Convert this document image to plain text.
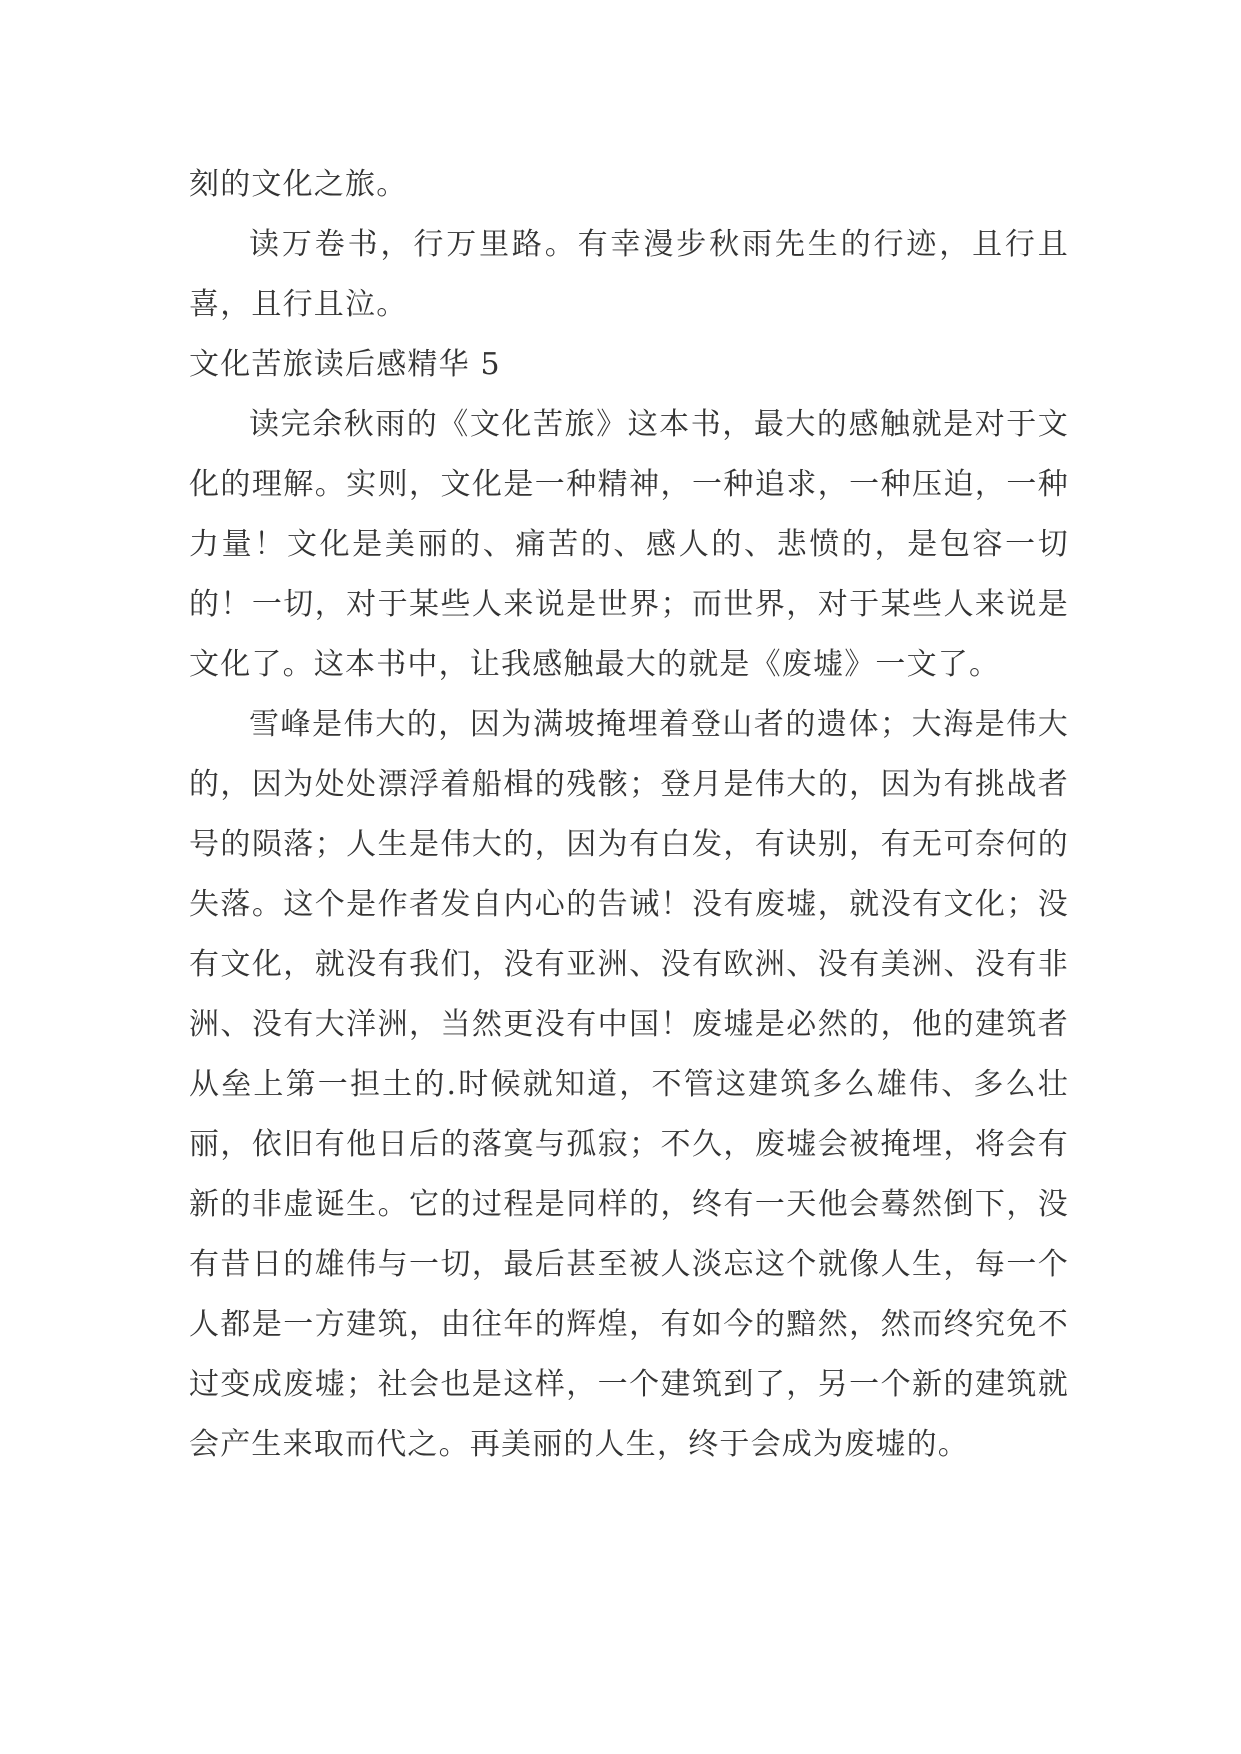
刻的文化之旅。

读万卷书，行万里路。有幸漫步秋雨先生的行迹，且行且喜，且行且泣。

文化苦旅读后感精华 5

读完余秋雨的《文化苦旅》这本书，最大的感触就是对于文化的理解。实则，文化是一种精神，一种追求，一种压迫，一种力量！文化是美丽的、痛苦的、感人的、悲愤的，是包容一切的！一切，对于某些人来说是世界；而世界，对于某些人来说是文化了。这本书中，让我感触最大的就是《废墟》一文了。

雪峰是伟大的，因为满坡掩埋着登山者的遗体；大海是伟大的，因为处处漂浮着船楫的残骸；登月是伟大的，因为有挑战者号的陨落；人生是伟大的，因为有白发，有诀别，有无可奈何的失落。这个是作者发自内心的告诫！没有废墟，就没有文化；没有文化，就没有我们，没有亚洲、没有欧洲、没有美洲、没有非洲、没有大洋洲，当然更没有中国！废墟是必然的，他的建筑者从垒上第一担土的.时候就知道，不管这建筑多么雄伟、多么壮丽，依旧有他日后的落寞与孤寂；不久，废墟会被掩埋，将会有新的非虚诞生。它的过程是同样的，终有一天他会蓦然倒下，没有昔日的雄伟与一切，最后甚至被人淡忘这个就像人生，每一个人都是一方建筑，由往年的辉煌，有如今的黯然，然而终究免不过变成废墟；社会也是这样，一个建筑到了，另一个新的建筑就会产生来取而代之。再美丽的人生，终于会成为废墟的。
